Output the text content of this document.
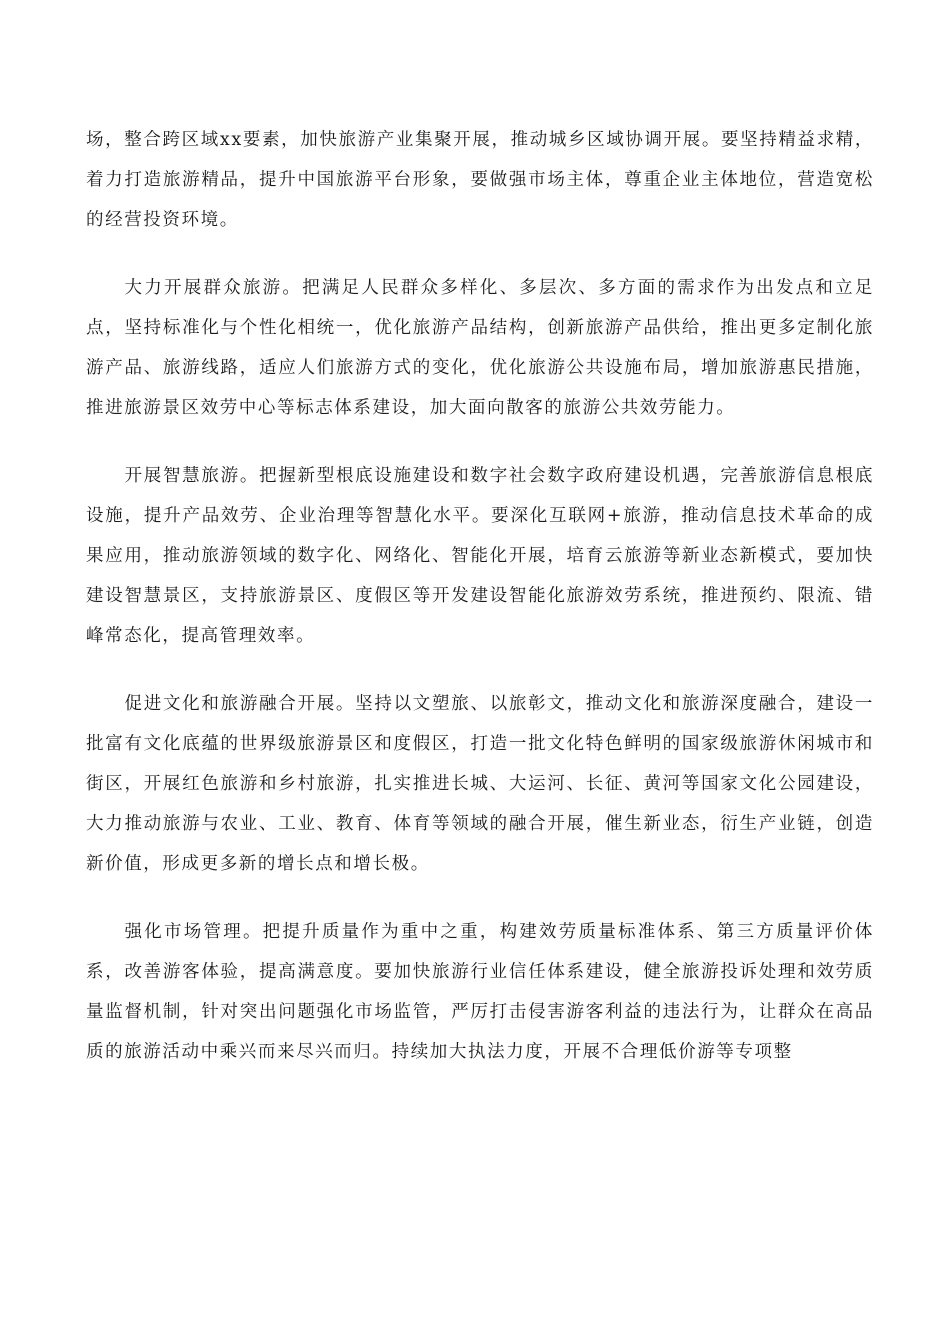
场，整合跨区域xx要素，加快旅游产业集聚开展，推动城乡区域协调开展。要坚持精益求精，着力打造旅游精品，提升中国旅游平台形象，要做强市场主体，尊重企业主体地位，营造宽松的经营投资环境。

大力开展群众旅游。把满足人民群众多样化、多层次、多方面的需求作为出发点和立足点，坚持标准化与个性化相统一，优化旅游产品结构，创新旅游产品供给，推出更多定制化旅游产品、旅游线路，适应人们旅游方式的变化，优化旅游公共设施布局，增加旅游惠民措施，推进旅游景区效劳中心等标志体系建设，加大面向散客的旅游公共效劳能力。

开展智慧旅游。把握新型根底设施建设和数字社会数字政府建设机遇，完善旅游信息根底设施，提升产品效劳、企业治理等智慧化水平。要深化互联网+旅游，推动信息技术革命的成果应用，推动旅游领域的数字化、网络化、智能化开展，培育云旅游等新业态新模式，要加快建设智慧景区，支持旅游景区、度假区等开发建设智能化旅游效劳系统，推进预约、限流、错峰常态化，提高管理效率。

促进文化和旅游融合开展。坚持以文塑旅、以旅彰文，推动文化和旅游深度融合，建设一批富有文化底蕴的世界级旅游景区和度假区，打造一批文化特色鲜明的国家级旅游休闲城市和街区，开展红色旅游和乡村旅游，扎实推进长城、大运河、长征、黄河等国家文化公园建设，大力推动旅游与农业、工业、教育、体育等领域的融合开展，催生新业态，衍生产业链，创造新价值，形成更多新的增长点和增长极。

强化市场管理。把提升质量作为重中之重，构建效劳质量标准体系、第三方质量评价体系，改善游客体验，提高满意度。要加快旅游行业信任体系建设，健全旅游投诉处理和效劳质量监督机制，针对突出问题强化市场监管，严厉打击侵害游客利益的违法行为，让群众在高品质的旅游活动中乘兴而来尽兴而归。持续加大执法力度，开展不合理低价游等专项整
